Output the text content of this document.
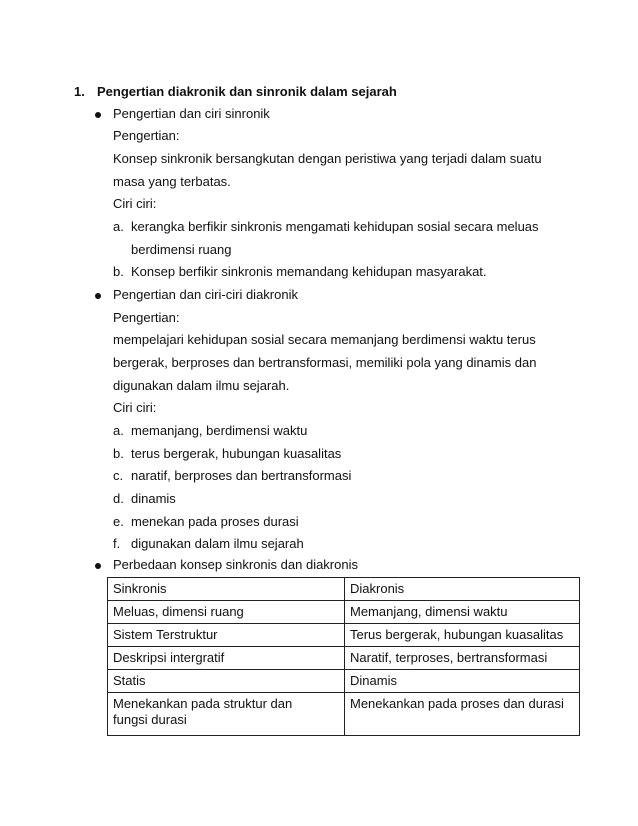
1. Pengertian diakronik dan sinronik dalam sejarah
Pengertian dan ciri sinronik
Pengertian:
Konsep sinkronik bersangkutan dengan peristiwa yang terjadi dalam suatu
masa yang terbatas.
Ciri ciri:
a. kerangka berfikir sinkronis mengamati kehidupan sosial secara meluas
berdimensi ruang
b. Konsep berfikir sinkronis memandang kehidupan masyarakat.
Pengertian dan ciri-ciri diakronik
Pengertian:
mempelajari kehidupan sosial secara memanjang berdimensi waktu terus
bergerak, berproses dan bertransformasi, memiliki pola yang dinamis dan
digunakan dalam ilmu sejarah.
Ciri ciri:
a. memanjang, berdimensi waktu
b. terus bergerak, hubungan kuasalitas
c. naratif, berproses dan bertransformasi
d. dinamis
e. menekan pada proses durasi
f. digunakan dalam ilmu sejarah
Perbedaan konsep sinkronis dan diakronis
Sinkronis	Diakronis
Meluas, dimensi ruang	Memanjang, dimensi waktu
Sistem Terstruktur	Terus bergerak, hubungan kuasalitas
Deskripsi intergratif	Naratif, terproses, bertransformasi
Statis	Dinamis

Menekankan pada struktur dan
fungsi durasi	Menekankan pada proses dan durasi
